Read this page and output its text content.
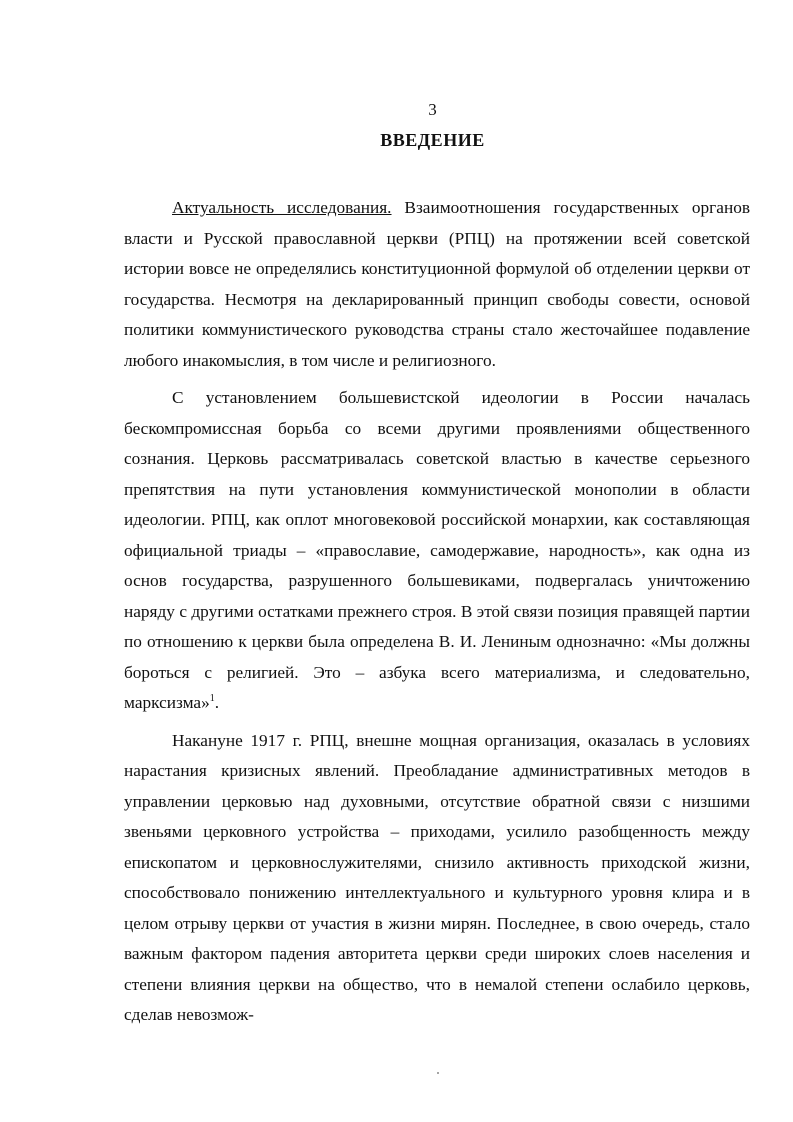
3
ВВЕДЕНИЕ

Актуальность исследования. Взаимоотношения государственных органов власти и Русской православной церкви (РПЦ) на протяжении всей советской истории вовсе не определялись конституционной формулой об отделении церкви от государства. Несмотря на декларированный принцип свободы совести, основой политики коммунистического руководства страны стало жесточайшее подавление любого инакомыслия, в том числе и религиозного.

С установлением большевистской идеологии в России началась бескомпромиссная борьба со всеми другими проявлениями общественного сознания. Церковь рассматривалась советской властью в качестве серьезного препятствия на пути установления коммунистической монополии в области идеологии. РПЦ, как оплот многовековой российской монархии, как составляющая официальной триады – «православие, самодержавие, народность», как одна из основ государства, разрушенного большевиками, подвергалась уничтожению наряду с другими остатками прежнего строя. В этой связи позиция правящей партии по отношению к церкви была определена В. И. Лениным однозначно: «Мы должны бороться с религией. Это – азбука всего материализма, и следовательно, марксизма»$^1$.

Накануне 1917 г. РПЦ, внешне мощная организация, оказалась в условиях нарастания кризисных явлений. Преобладание административных методов в управлении церковью над духовными, отсутствие обратной связи с низшими звеньями церковного устройства – приходами, усилило разобщенность между епископатом и церковнослужителями, снизило активность приходской жизни, способствовало понижению интеллектуального и культурного уровня клира и в целом отрыву церкви от участия в жизни мирян. Последнее, в свою очередь, стало важным фактором падения авторитета церкви среди широких слоев населения и степени влияния церкви на общество, что в немалой степени ослабило церковь, сделав невозмож-
